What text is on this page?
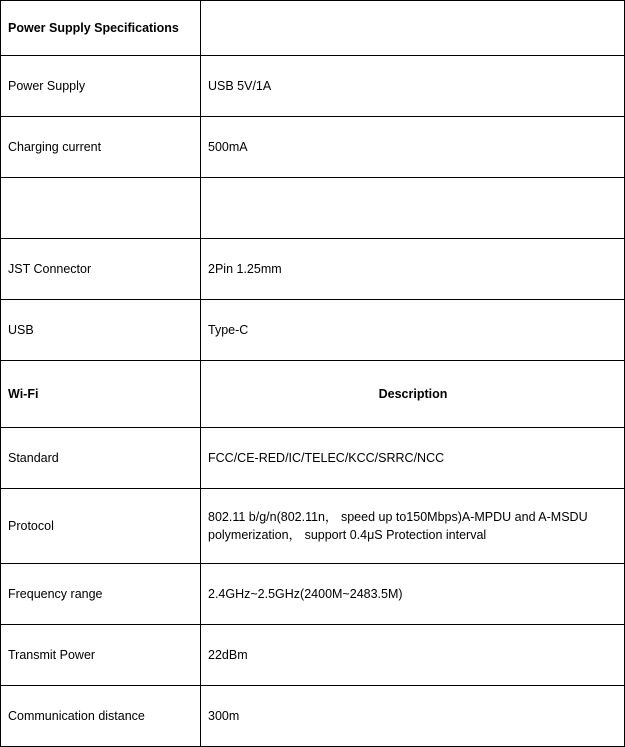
Power Supply Specifications	
Power Supply	USB 5V/1A
Charging current	500mA

JST Connector	2Pin 1.25mm
USB	Type-C
Wi-Fi	Description
Standard	FCC/CE-RED/IC/TELEC/KCC/SRRC/NCC
Protocol	802.11 b/g/n(802.11n， speed up to150Mbps)A-MPDU and A-MSDU polymerization， support 0.4μS Protection interval
Frequency range	2.4GHz~2.5GHz(2400M~2483.5M)
Transmit Power	22dBm
Communication distance	300m
